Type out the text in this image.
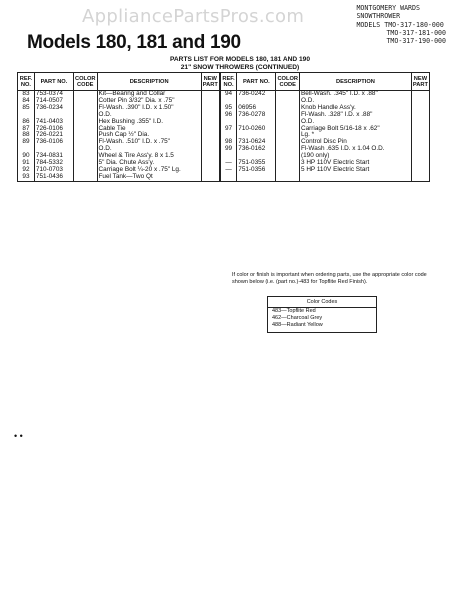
AppliancePartsPros.com	MONTGOMERY WARDS
SNOWTHROWER
MODELS TMO-317-180-000
TMO-317-181-000
TMO-317-190-000
Models 180, 181 and 190
PARTS LIST FOR MODELS 180, 181 AND 190
21" SNOW THROWERS (CONTINUED)
REF. NO.	PART NO.	COLOR CODE	DESCRIPTION	NEW PART	REF. NO.	PART NO.	COLOR CODE	DESCRIPTION	NEW PART
83	753-0374		Kit—Bearing and Collar		94	736-0242		Bell-Wash. .345" I.D. x .88"	
84	714-0507		Cotter Pin 3/32" Dia. x .75"					O.D.	
85	736-0234		Fl-Wash. .390" I.D. x 1.50"		95	06956		Knob Handle Ass'y.	
			O.D.		96	736-0278		Fl-Wash. .328" I.D. x .88"	
86	741-0403		Hex Bushing .355" I.D.					O.D.	
87	726-0106		Cable Tie		97	710-0260		Carriage Bolt 5/16-18 x .62"	
88	726-0221		Push Cap ½" Dia.					Lg. *	
89	736-0106		Fl-Wash. .510" I.D. x .75"		98	731-0624		Control Disc Pin	
			O.D.		99	736-0162		Fl-Wash .635 I.D. x 1.04 O.D.	
90	734-0831		Wheel & Tire Ass'y. 8 x 1.5					(190 only)	
91	784-5332		5" Dia. Chute Ass'y.		—	751-0355		3 HP 110V Electric Start	
92	710-0703		Carriage Bolt ¼-20 x .75" Lg.		—	751-0356		5 HP 110V Electric Start	
93	751-0436		Fuel Tank—Two Qt						
If color or finish is important when ordering parts, use the appropriate color code shown below (i.e. (part no.)-483 for Topflite Red Finish).
Color Codes
483—Topflite Red
462—Charcoal Grey
488—Radiant Yellow
• •
